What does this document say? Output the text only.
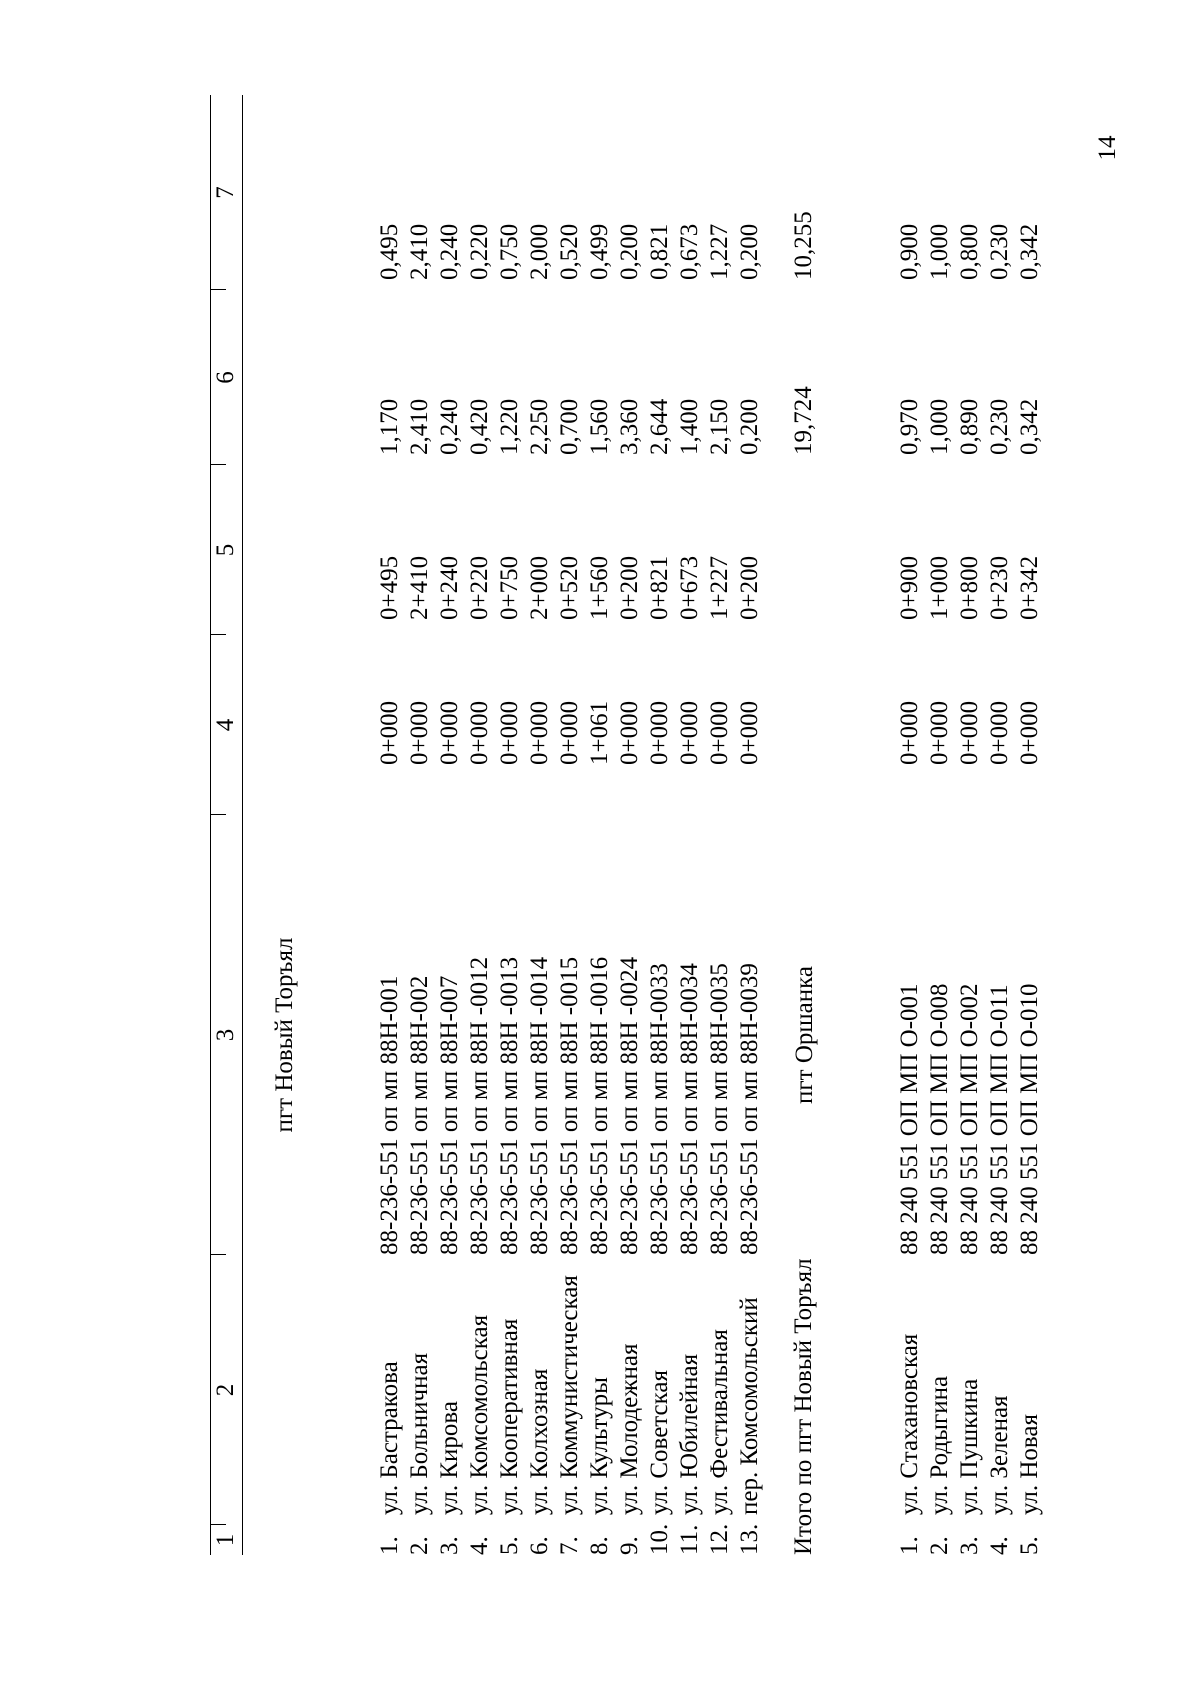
14
1
2
3
4
5
6
7
пгт Новый Торъял
1.
ул. Бастракова
88-236-551 оп мп 88Н-001
0+000
0+495
1,170
0,495
2.
ул. Больничная
88-236-551 оп мп 88Н-002
0+000
2+410
2,410
2,410
3.
ул. Кирова
88-236-551 оп мп 88Н-007
0+000
0+240
0,240
0,240
4.
ул. Комсомольская
88-236-551 оп мп 88Н -0012
0+000
0+220
0,420
0,220
5.
ул. Кооперативная
88-236-551 оп мп 88Н -0013
0+000
0+750
1,220
0,750
6.
ул. Колхозная
88-236-551 оп мп 88Н -0014
0+000
2+000
2,250
2,000
7.
ул. Коммунистическая
88-236-551 оп мп 88Н -0015
0+000
0+520
0,700
0,520
8.
ул. Культуры
88-236-551 оп мп 88Н -0016
1+061
1+560
1,560
0,499
9.
ул. Молодежная
88-236-551 оп мп 88Н -0024
0+000
0+200
3,360
0,200
10.
ул. Советская
88-236-551 оп мп 88Н-0033
0+000
0+821
2,644
0,821
11.
ул. Юбилейная
88-236-551 оп мп 88Н-0034
0+000
0+673
1,400
0,673
12.
ул. Фестивальная
88-236-551 оп мп 88Н-0035
0+000
1+227
2,150
1,227
13.
пер. Комсомольский
88-236-551 оп мп 88Н-0039
0+000
0+200
0,200
0,200
Итого по пгт Новый Торъял
19,724
10,255
пгт Оршанка
1.
ул. Стахановская
88 240 551 ОП МП О-001
0+000
0+900
0,970
0,900
2.
ул. Родыгина
88 240 551 ОП МП О-008
0+000
1+000
1,000
1,000
3.
ул. Пушкина
88 240 551 ОП МП О-002
0+000
0+800
0,890
0,800
4.
ул. Зеленая
88 240 551 ОП МП О-011
0+000
0+230
0,230
0,230
5.
ул. Новая
88 240 551 ОП МП О-010
0+000
0+342
0,342
0,342
